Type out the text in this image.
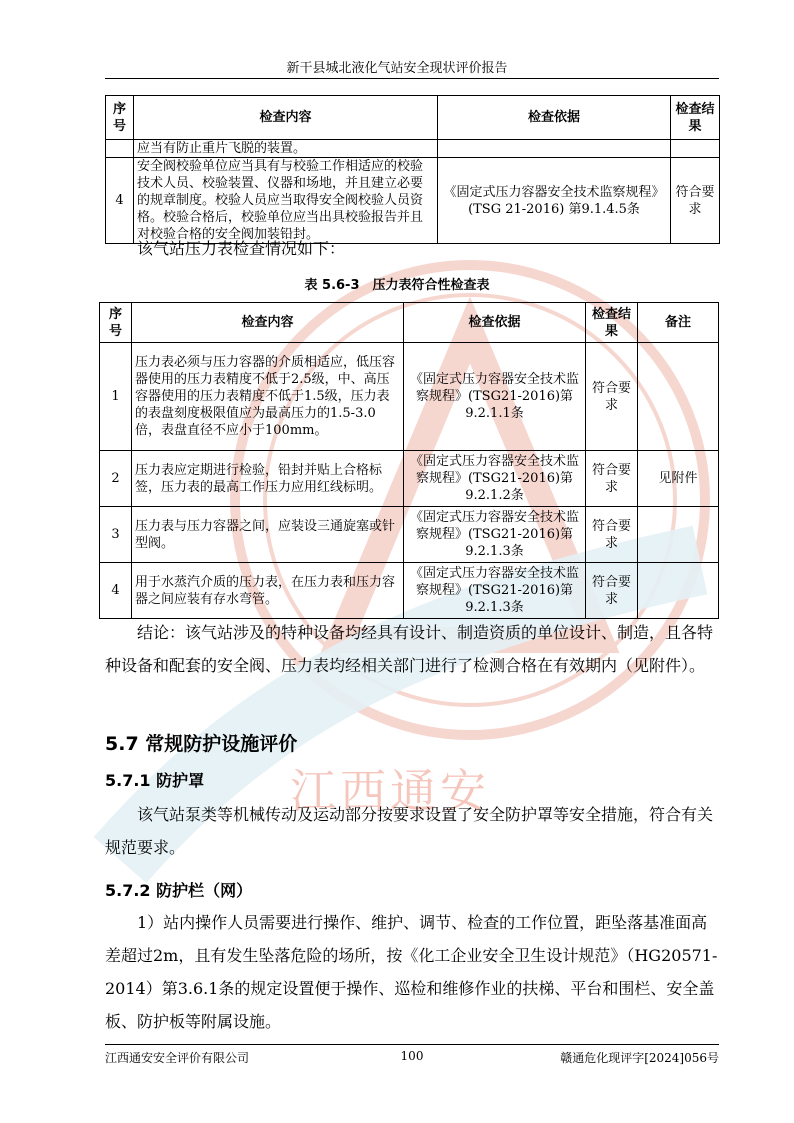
江西通安
新干县城北液化气站安全现状评价报告
序号	检查内容	检查依据	检查结果
	应当有防止重片飞脱的装置。		
4	安全阀校验单位应当具有与校验工作相适应的校验技术人员、校验装置、仪器和场地，并且建立必要的规章制度。校验人员应当取得安全阀校验人员资格。校验合格后，校验单位应当出具校验报告并且对校验合格的安全阀加装铅封。	《固定式压力容器安全技术监察规程》(TSG 21-2016) 第9.1.4.5条	符合要求
该气站压力表检查情况如下：
表 5.6-3　压力表符合性检查表
序号	检查内容	检查依据	检查结果	备注
1	压力表必须与压力容器的介质相适应，低压容器使用的压力表精度不低于2.5级，中、高压容器使用的压力表精度不低于1.5级，压力表的表盘刻度极限值应为最高压力的1.5-3.0倍，表盘直径不应小于100mm。	《固定式压力容器安全技术监察规程》(TSG21-2016)第9.2.1.1条	符合要求	
2	压力表应定期进行检验，铅封并贴上合格标签，压力表的最高工作压力应用红线标明。	《固定式压力容器安全技术监察规程》(TSG21-2016)第9.2.1.2条	符合要求	见附件
3	压力表与压力容器之间，应装设三通旋塞或针型阀。	《固定式压力容器安全技术监察规程》(TSG21-2016)第9.2.1.3条	符合要求	
4	用于水蒸汽介质的压力表，在压力表和压力容器之间应装有存水弯管。	《固定式压力容器安全技术监察规程》(TSG21-2016)第9.2.1.3条	符合要求	
结论：该气站涉及的特种设备均经具有设计、制造资质的单位设计、制造，且各特种设备和配套的安全阀、压力表均经相关部门进行了检测合格在有效期内（见附件）。
5.7 常规防护设施评价
5.7.1 防护罩
该气站泵类等机械传动及运动部分按要求设置了安全防护罩等安全措施，符合有关规范要求。
5.7.2 防护栏（网）
1）站内操作人员需要进行操作、维护、调节、检查的工作位置，距坠落基准面高差超过2m，且有发生坠落危险的场所，按《化工企业安全卫生设计规范》（HG20571-2014）第3.6.1条的规定设置便于操作、巡检和维修作业的扶梯、平台和围栏、安全盖板、防护板等附属设施。
江西通安安全评价有限公司	100	赣通危化现评字[2024]056号
